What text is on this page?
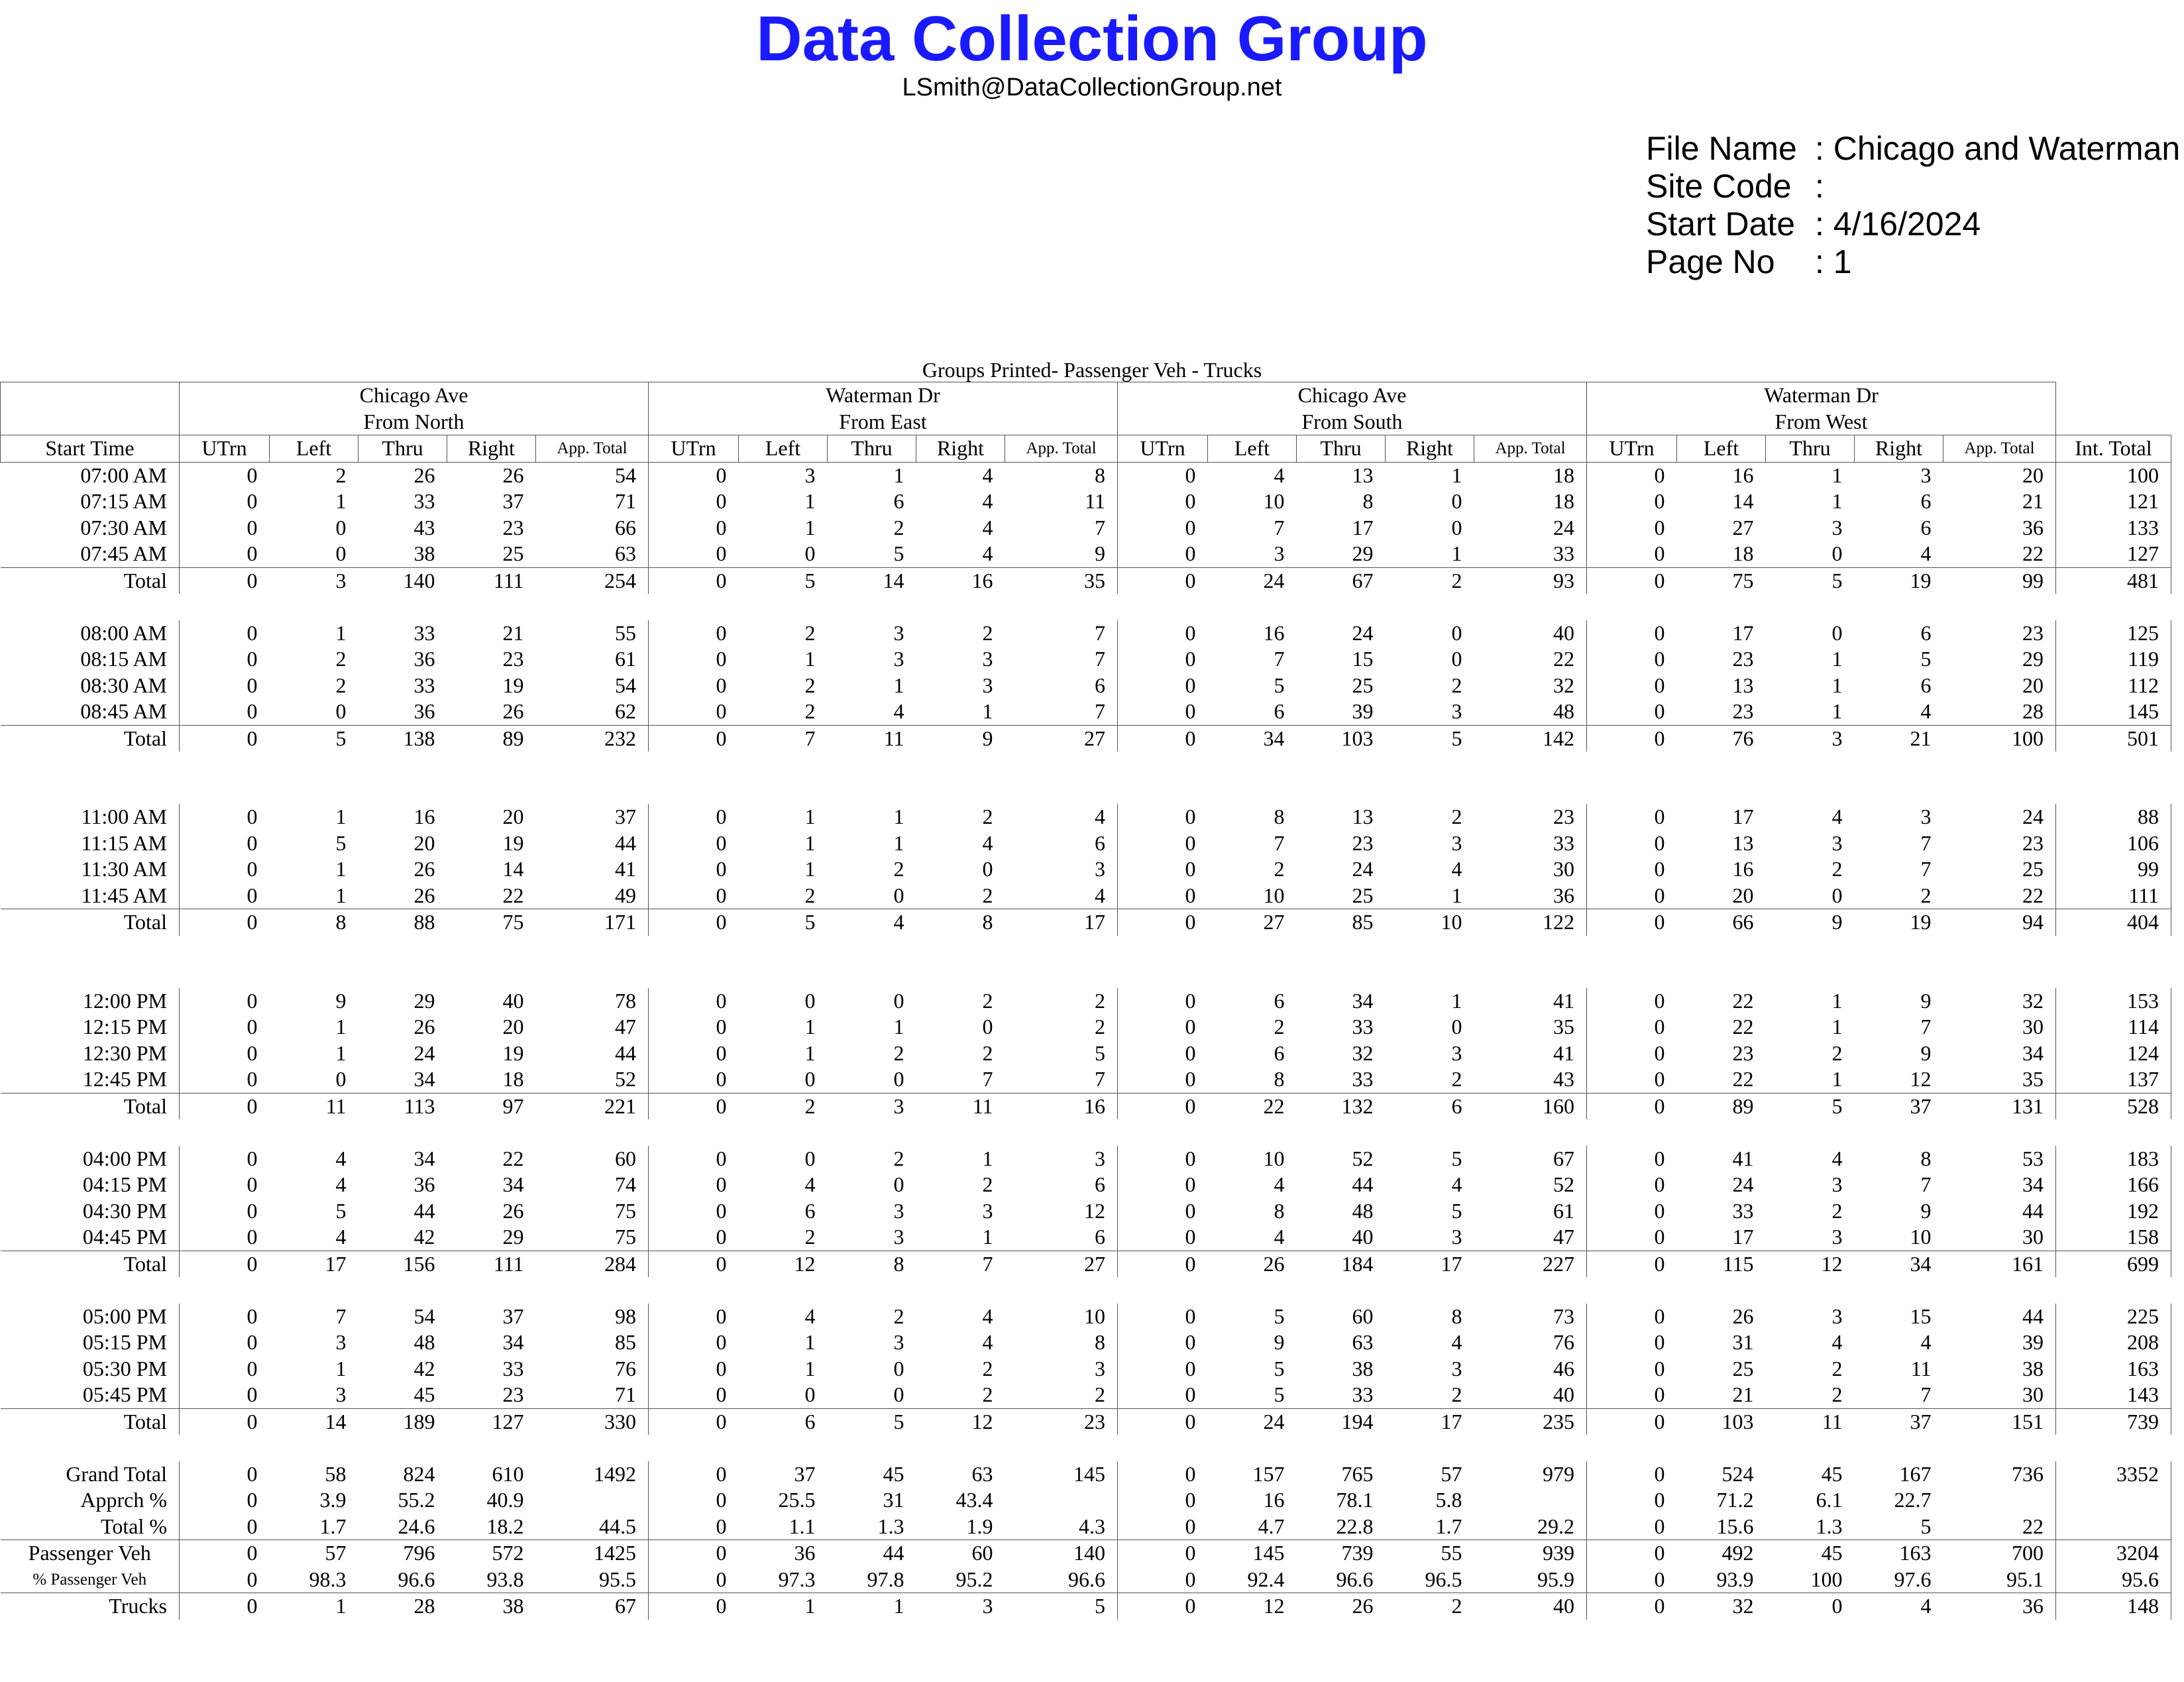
Data Collection Group
LSmith@DataCollectionGroup.net
File Name : Chicago and Waterman
Site Code :
Start Date : 4/16/2024
Page No	: 1
Groups Printed- Passenger Veh - Trucks
	Chicago Ave					Waterman Dr					Chicago Ave					Waterman Dr					
	From North					From East					From South					From West					
Start Time	UTrn	Left	Thru	Right	App. Total	UTrn	Left	Thru	Right	App. Total	UTrn	Left	Thru	Right	App. Total	UTrn	Left	Thru	Right	App. Total	Int. Total
07:00 AM	0	2	26	26	54	0	3	1	4	8	0	4	13	1	18	0	16	1	3	20	100
07:15 AM	0	1	33	37	71	0	1	6	4	11	0	10	8	0	18	0	14	1	6	21	121
07:30 AM	0	0	43	23	66	0	1	2	4	7	0	7	17	0	24	0	27	3	6	36	133
07:45 AM	0	0	38	25	63	0	0	5	4	9	0	3	29	1	33	0	18	0	4	22	127
Total	0	3	140	111	254	0	5	14	16	35	0	24	67	2	93	0	75	5	19	99	481

08:00 AM	0	1	33	21	55	0	2	3	2	7	0	16	24	0	40	0	17	0	6	23	125
08:15 AM	0	2	36	23	61	0	1	3	3	7	0	7	15	0	22	0	23	1	5	29	119
08:30 AM	0	2	33	19	54	0	2	1	3	6	0	5	25	2	32	0	13	1	6	20	112
08:45 AM	0	0	36	26	62	0	2	4	1	7	0	6	39	3	48	0	23	1	4	28	145
Total	0	5	138	89	232	0	7	11	9	27	0	34	103	5	142	0	76	3	21	100	501

11:00 AM	0	1	16	20	37	0	1	1	2	4	0	8	13	2	23	0	17	4	3	24	88
11:15 AM	0	5	20	19	44	0	1	1	4	6	0	7	23	3	33	0	13	3	7	23	106
11:30 AM	0	1	26	14	41	0	1	2	0	3	0	2	24	4	30	0	16	2	7	25	99
11:45 AM	0	1	26	22	49	0	2	0	2	4	0	10	25	1	36	0	20	0	2	22	111
Total	0	8	88	75	171	0	5	4	8	17	0	27	85	10	122	0	66	9	19	94	404

12:00 PM	0	9	29	40	78	0	0	0	2	2	0	6	34	1	41	0	22	1	9	32	153
12:15 PM	0	1	26	20	47	0	1	1	0	2	0	2	33	0	35	0	22	1	7	30	114
12:30 PM	0	1	24	19	44	0	1	2	2	5	0	6	32	3	41	0	23	2	9	34	124
12:45 PM	0	0	34	18	52	0	0	0	7	7	0	8	33	2	43	0	22	1	12	35	137
Total	0	11	113	97	221	0	2	3	11	16	0	22	132	6	160	0	89	5	37	131	528

04:00 PM	0	4	34	22	60	0	0	2	1	3	0	10	52	5	67	0	41	4	8	53	183
04:15 PM	0	4	36	34	74	0	4	0	2	6	0	4	44	4	52	0	24	3	7	34	166
04:30 PM	0	5	44	26	75	0	6	3	3	12	0	8	48	5	61	0	33	2	9	44	192
04:45 PM	0	4	42	29	75	0	2	3	1	6	0	4	40	3	47	0	17	3	10	30	158
Total	0	17	156	111	284	0	12	8	7	27	0	26	184	17	227	0	115	12	34	161	699

05:00 PM	0	7	54	37	98	0	4	2	4	10	0	5	60	8	73	0	26	3	15	44	225
05:15 PM	0	3	48	34	85	0	1	3	4	8	0	9	63	4	76	0	31	4	4	39	208
05:30 PM	0	1	42	33	76	0	1	0	2	3	0	5	38	3	46	0	25	2	11	38	163
05:45 PM	0	3	45	23	71	0	0	0	2	2	0	5	33	2	40	0	21	2	7	30	143
Total	0	14	189	127	330	0	6	5	12	23	0	24	194	17	235	0	103	11	37	151	739

Grand Total	0	58	824	610	1492	0	37	45	63	145	0	157	765	57	979	0	524	45	167	736	3352
Apprch %	0	3.9	55.2	40.9		0	25.5	31	43.4		0	16	78.1	5.8		0	71.2	6.1	22.7		
Total %	0	1.7	24.6	18.2	44.5	0	1.1	1.3	1.9	4.3	0	4.7	22.8	1.7	29.2	0	15.6	1.3	5	22	
Passenger Veh	0	57	796	572	1425	0	36	44	60	140	0	145	739	55	939	0	492	45	163	700	3204
% Passenger Veh	0	98.3	96.6	93.8	95.5	0	97.3	97.8	95.2	96.6	0	92.4	96.6	96.5	95.9	0	93.9	100	97.6	95.1	95.6
Trucks	0	1	28	38	67	0	1	1	3	5	0	12	26	2	40	0	32	0	4	36	148
